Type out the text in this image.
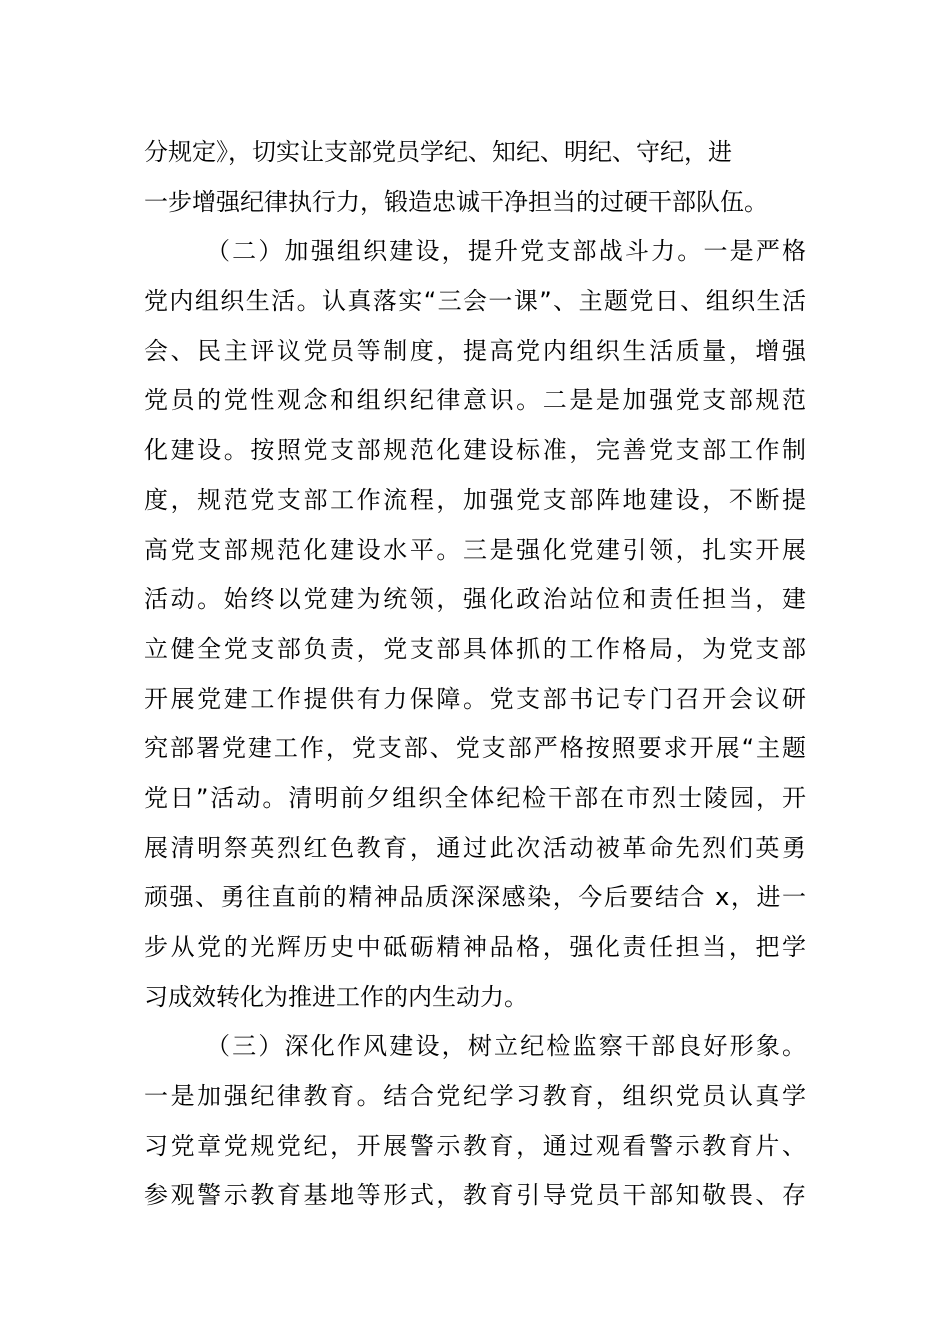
分规定》，切实让支部党员学纪、知纪、明纪、守纪，进
一步增强纪律执行力，锻造忠诚干净担当的过硬干部队伍。
（二）加强组织建设，提升党支部战斗力。一是严格
党内组织生活。认真落实“三会一课”、主题党日、组织生活
会、民主评议党员等制度，提高党内组织生活质量，增强
党员的党性观念和组织纪律意识。二是是加强党支部规范
化建设。按照党支部规范化建设标准，完善党支部工作制
度，规范党支部工作流程，加强党支部阵地建设，不断提
高党支部规范化建设水平。三是强化党建引领，扎实开展
活动。始终以党建为统领，强化政治站位和责任担当，建
立健全党支部负责，党支部具体抓的工作格局，为党支部
开展党建工作提供有力保障。党支部书记专门召开会议研
究部署党建工作，党支部、党支部严格按照要求开展“主题
党日”活动。清明前夕组织全体纪检干部在市烈士陵园，开
展清明祭英烈红色教育，通过此次活动被革命先烈们英勇
顽强、勇往直前的精神品质深深感染，今后要结合 x，进一
步从党的光辉历史中砥砺精神品格，强化责任担当，把学
习成效转化为推进工作的内生动力。
（三）深化作风建设，树立纪检监察干部良好形象。
一是加强纪律教育。结合党纪学习教育，组织党员认真学
习党章党规党纪，开展警示教育，通过观看警示教育片、
参观警示教育基地等形式，教育引导党员干部知敬畏、存
